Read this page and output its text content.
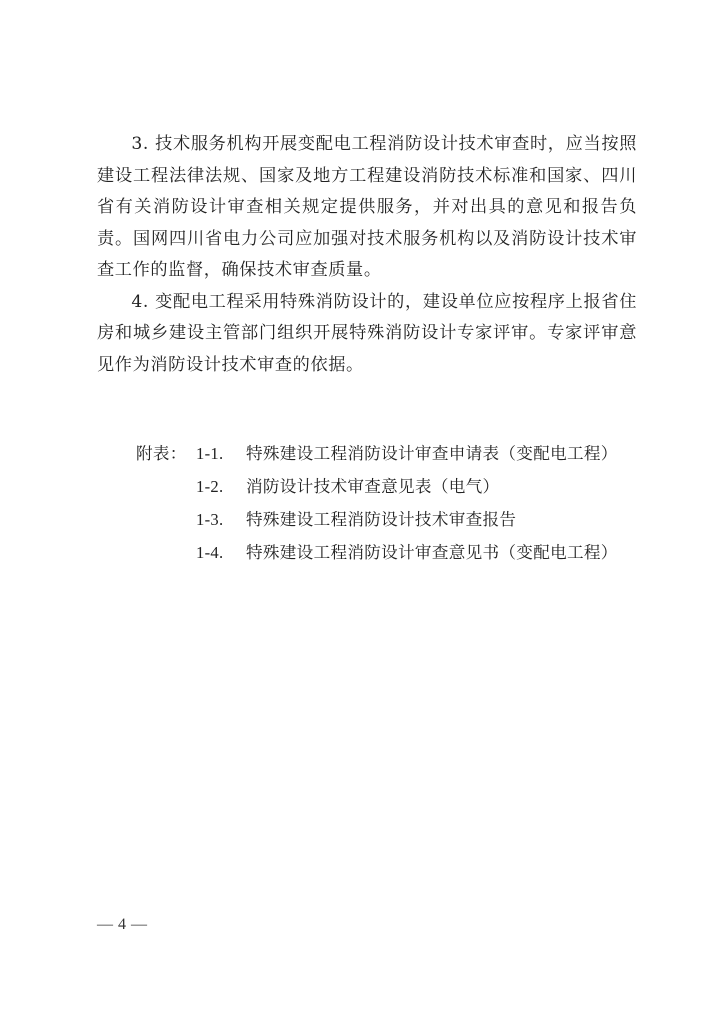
3. 技术服务机构开展变配电工程消防设计技术审查时，应当按照建设工程法律法规、国家及地方工程建设消防技术标准和国家、四川省有关消防设计审查相关规定提供服务，并对出具的意见和报告负责。国网四川省电力公司应加强对技术服务机构以及消防设计技术审查工作的监督，确保技术审查质量。

4. 变配电工程采用特殊消防设计的，建设单位应按程序上报省住房和城乡建设主管部门组织开展特殊消防设计专家评审。专家评审意见作为消防设计技术审查的依据。

附表： 1-1.	特殊建设工程消防设计审查申请表（变配电工程）
1-2.	消防设计技术审查意见表（电气）
1-3.	特殊建设工程消防设计技术审查报告
1-4.	特殊建设工程消防设计审查意见书（变配电工程）
— 4 —
